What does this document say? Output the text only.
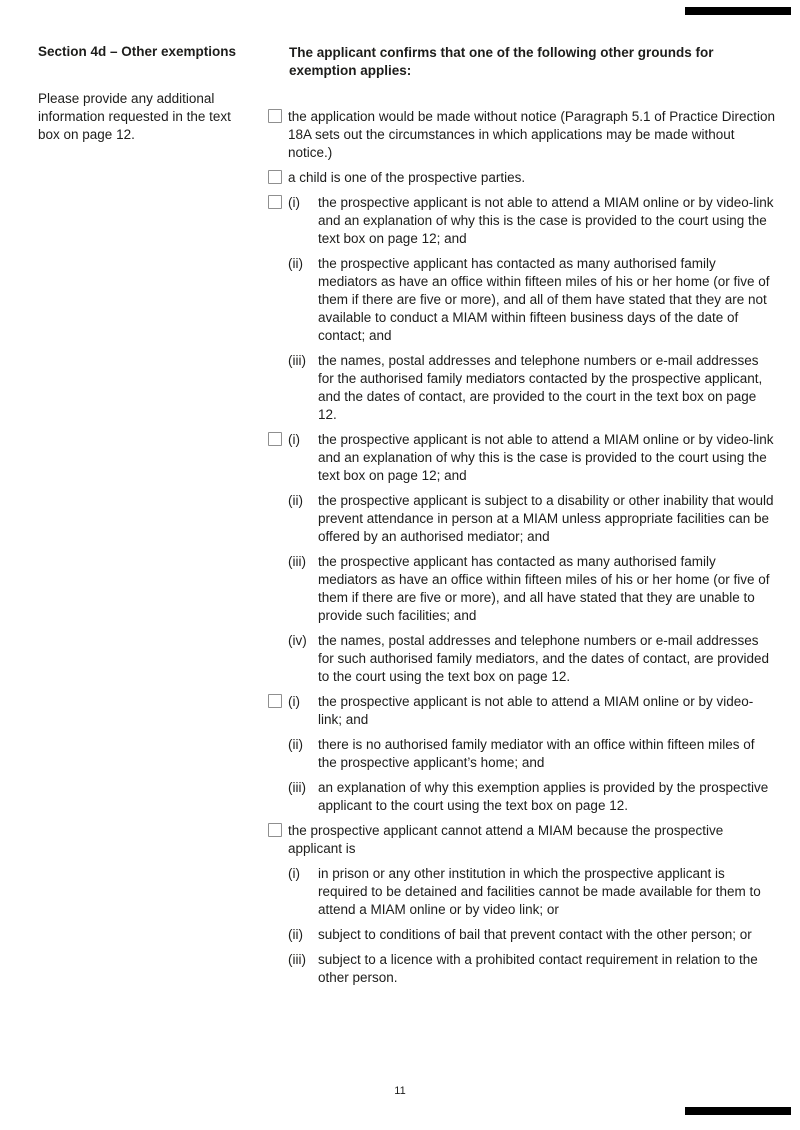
Section 4d – Other exemptions

Please provide any additional information requested in the text box on page 12.

The applicant confirms that one of the following other grounds for exemption applies:

the application would be made without notice (Paragraph 5.1 of Practice Direction 18A sets out the circumstances in which applications may be made without notice.)
a child is one of the prospective parties.
(i)	the prospective applicant is not able to attend a MIAM online or by video-link and an explanation of why this is the case is provided to the court using the text box on page 12; and
(ii)	the prospective applicant has contacted as many authorised family mediators as have an office within fifteen miles of his or her home (or five of them if there are five or more), and all of them have stated that they are not available to conduct a MIAM within fifteen business days of the date of contact; and
(iii) the names, postal addresses and telephone numbers or e-mail addresses for the authorised family mediators contacted by the prospective applicant, and the dates of contact, are provided to the court in the text box on page 12.
(i)	the prospective applicant is not able to attend a MIAM online or by video-link and an explanation of why this is the case is provided to the court using the text box on page 12; and
(ii)	the prospective applicant is subject to a disability or other inability that would prevent attendance in person at a MIAM unless appropriate facilities can be offered by an authorised mediator; and
(iii) the prospective applicant has contacted as many authorised family mediators as have an office within fifteen miles of his or her home (or five of them if there are five or more), and all have stated that they are unable to provide such facilities; and
(iv) the names, postal addresses and telephone numbers or e-mail addresses for such authorised family mediators, and the dates of contact, are provided to the court using the text box on page 12.
(i)	the prospective applicant is not able to attend a MIAM online or by video-link; and
(ii)	there is no authorised family mediator with an office within fifteen miles of the prospective applicant’s home; and
(iii) an explanation of why this exemption applies is provided by the prospective applicant to the court using the text box on page 12.
the prospective applicant cannot attend a MIAM because the prospective applicant is
(i)	in prison or any other institution in which the prospective applicant is required to be detained and facilities cannot be made available for them to attend a MIAM online or by video link; or
(ii)	subject to conditions of bail that prevent contact with the other person; or
(iii) subject to a licence with a prohibited contact requirement in relation to the other person.
11
